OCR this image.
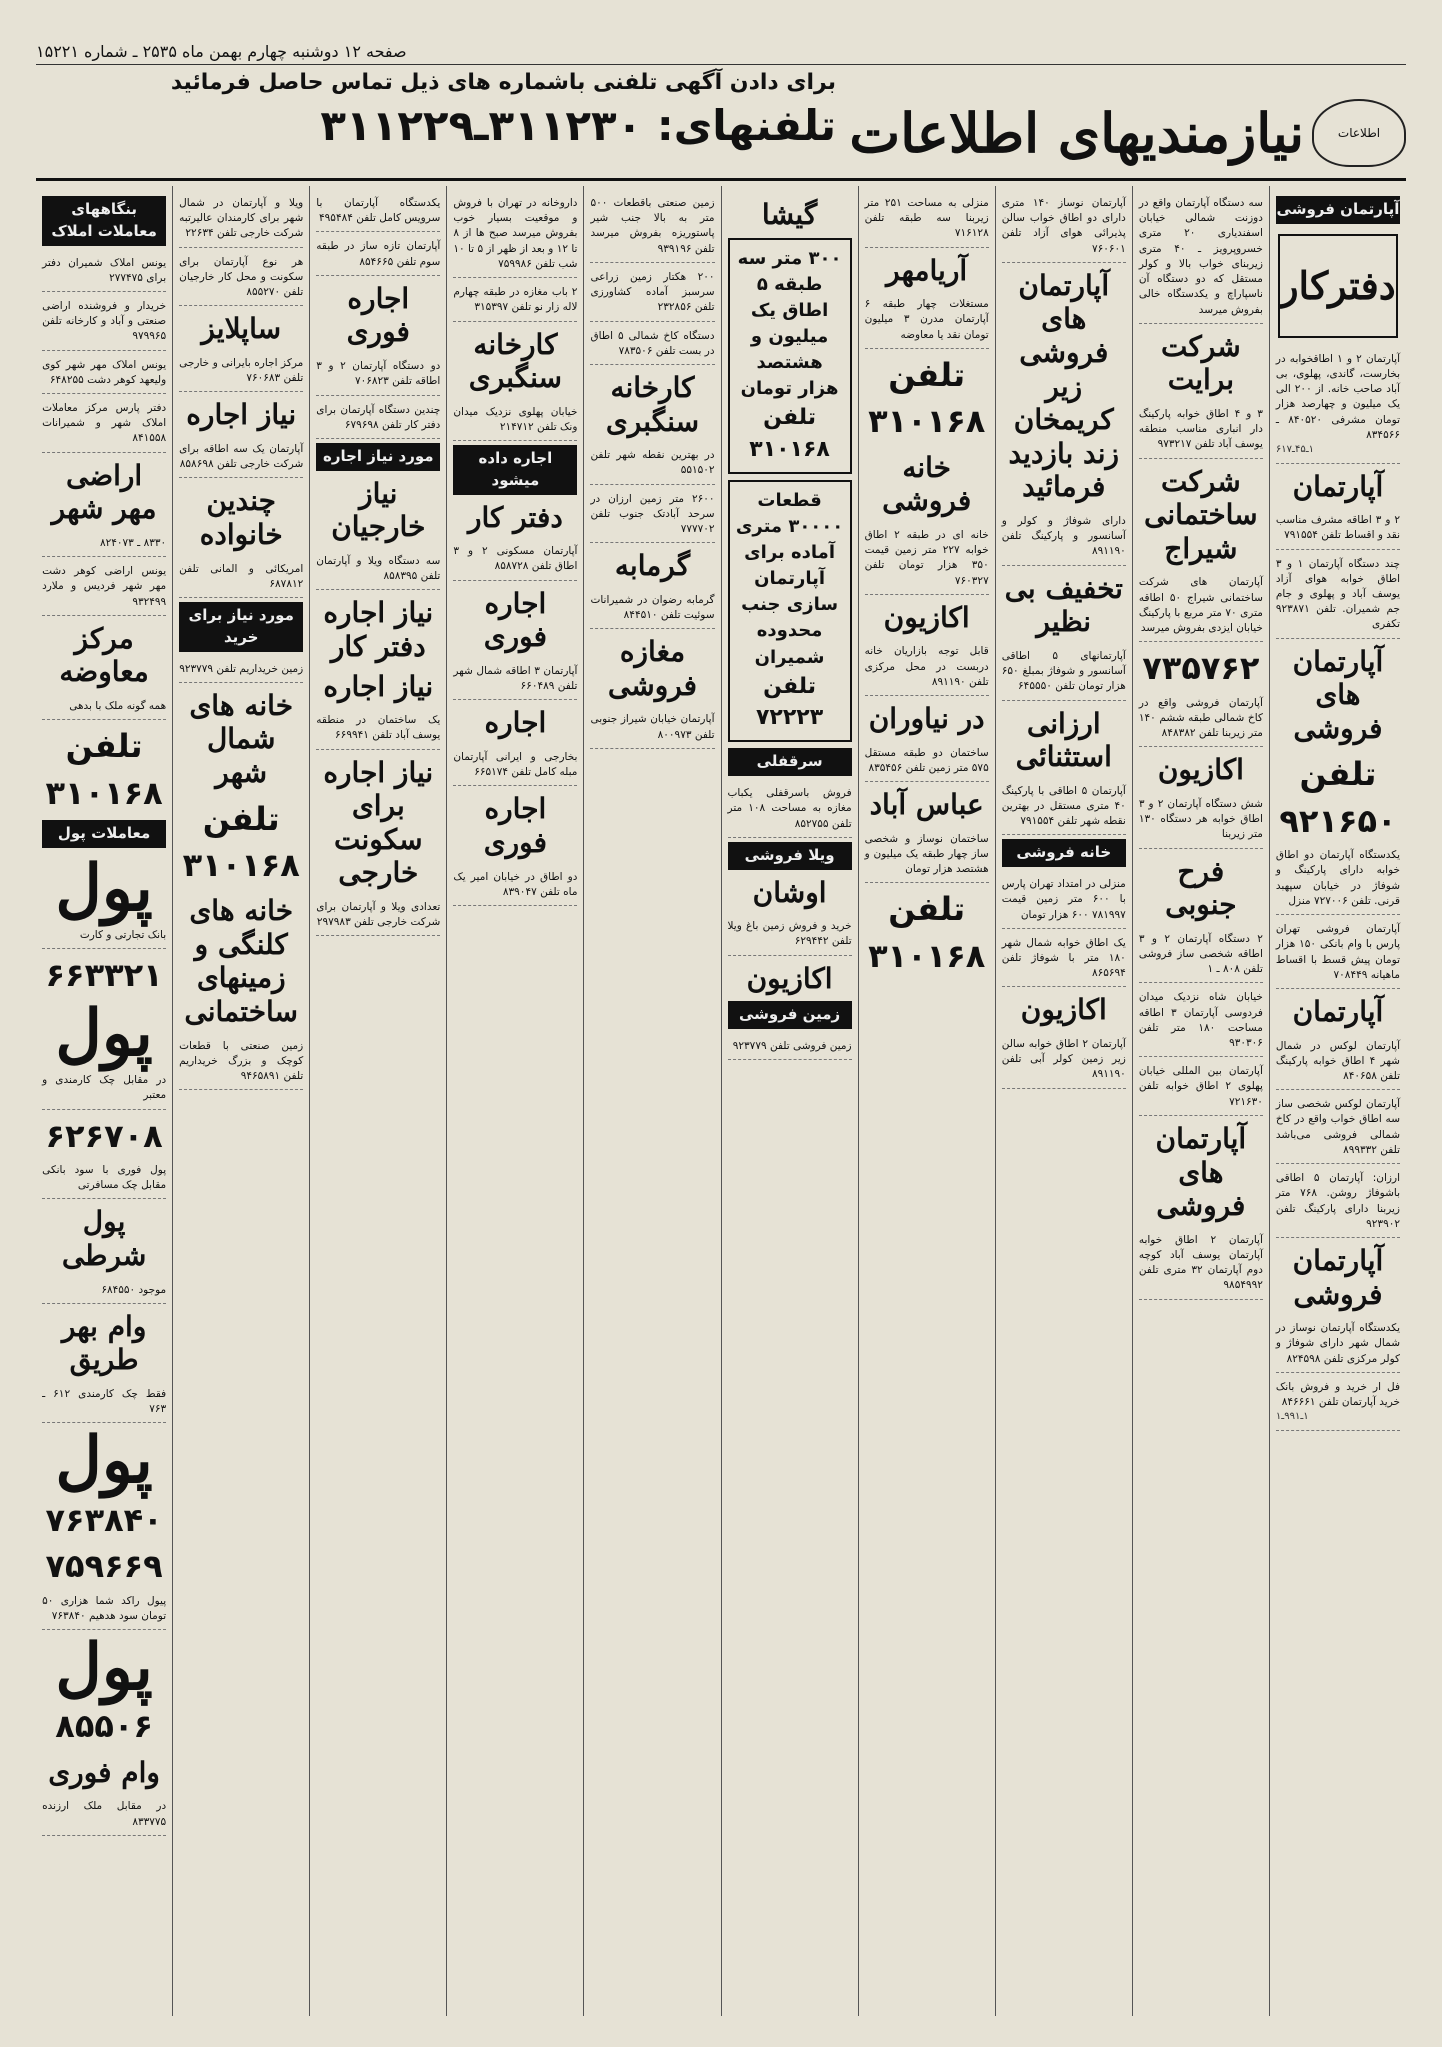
صفحه ۱۲ دوشنبه چهارم بهمن ماه ۲۵۳۵ ـ شماره ۱۵۲۲۱
اطلاعات
نیازمندیهای اطلاعات
برای دادن آگهی تلفنی باشماره های ذیل تماس حاصل فرمائید
تلفنهای: ۳۱۱۲۳۰ـ۳۱۱۲۲۹
آپارتمان فروشی
دفترکار
آپارتمان ۲ و ۱ اطاقخوابه در بخارست، گاندی، پهلوی، بی آباد صاحب خانه. از ۲۰۰ الی یک میلیون و چهارصد هزار تومان مشرفی ۸۴۰۵۲۰ ـ ۸۳۴۵۶۶
۱ـ۴۵ـ۶۱۷
آپارتمان
۲ و ۳ اطاقه مشرف مناسب نقد و اقساط تلفن ۷۹۱۵۵۴
چند دستگاه آپارتمان ۱ و ۳ اطاق خوابه هوای آزاد یوسف آباد و پهلوی و جام جم شمیران. تلفن ۹۲۳۸۷۱ تکفری
آپارتمان های فروشی
تلفن ۹۲۱۶۵۰
یکدستگاه آپارتمان دو اطاق خوابه دارای پارکینگ و شوفاژ در خیابان سپهبد قرنی. تلفن ۷۲۷۰۰۶ منزل
آپارتمان فروشی تهران پارس با وام بانکی ۱۵۰ هزار تومان پیش قسط با اقساط ماهیانه ۷۰۸۴۴۹
آپارتمان
آپارتمان لوکس در شمال شهر ۴ اطاق خوابه پارکینگ تلفن ۸۴۰۶۵۸
آپارتمان لوکس شخصی ساز سه اطاق خواب واقع در کاخ شمالی فروشی می‌باشد تلفن ۸۹۹۳۳۲
ارزان: آپارتمان ۵ اطاقی باشوفاژ روشن. ۷۶۸ متر زیربنا دارای پارکینگ تلفن ۹۲۳۹۰۲
آپارتمان فروشی
یکدستگاه آپارتمان نوساز در شمال شهر دارای شوفاژ و کولر مرکزی تلفن ۸۲۴۵۹۸
فل ار خرید و فروش بانک خرید آپارتمان تلفن ۸۴۶۶۶۱
۱ـ۹۹۱ـ۱
سه دستگاه آپارتمان واقع در دوزنت شمالی خیابان اسفندیاری ۲۰ متری خسروپرویز ـ ۴۰ متری زیربنای خواب بالا و کولر مستقل که دو دستگاه آن ناسپاراچ و یکدستگاه خالی بفروش میرسد
شرکت برایت
۳ و ۴ اطاق خوابه پارکینگ دار انباری مناسب منطقه یوسف آباد تلفن ۹۷۳۲۱۷
شرکت ساختمانی شیراج
آپارتمان های شرکت ساختمانی شیراج ۵۰ اطاقه متری ۷۰ متر مربع با پارکینگ خیابان ایزدی بفروش میرسد
۷۳۵۷۶۲
آپارتمان فروشی واقع در کاخ شمالی طبقه ششم ۱۴۰ متر زیربنا تلفن ۸۴۸۳۸۲
اکازیون
شش دستگاه آپارتمان ۲ و ۳ اطاق خوابه هر دستگاه ۱۳۰ متر زیربنا
فرح جنوبی
۲ دستگاه آپارتمان ۲ و ۳ اطاقه شخصی ساز فروشی تلفن ۸۰۸ ـ ۱
خیابان شاه نزدیک میدان فردوسی آپارتمان ۳ اطاقه مساحت ۱۸۰ متر تلفن ۹۳۰۳۰۶
آپارتمان بین المللی خیابان پهلوی ۲ اطاق خوابه تلفن ۷۲۱۶۳۰
آپارتمان های فروشی
آپارتمان ۲ اطاق خوابه آپارتمان یوسف آباد کوچه دوم آپارتمان ۳۲ متری تلفن ۹۸۵۴۹۹۲
آپارتمان نوساز ۱۴۰ متری دارای دو اطاق خواب سالن پذیرائی هوای آزاد تلفن ۷۶۰۶۰۱
آپارتمان های فروشی زیر کریمخان زند بازدید فرمائید
دارای شوفاژ و کولر و آسانسور و پارکینگ تلفن ۸۹۱۱۹۰
تخفیف بی نظیر
آپارتمانهای ۵ اطاقی آسانسور و شوفاژ بمبلغ ۶۵۰ هزار تومان تلفن ۶۴۵۵۵۰
ارزانی استثنائی
آپارتمان ۵ اطاقی با پارکینگ ۴۰ متری مستقل در بهترین نقطه شهر تلفن ۷۹۱۵۵۴
خانه فروشی
منزلی در امتداد تهران پارس با ۶۰۰ متر زمین قیمت ۷۸۱۹۹۷ ۶۰۰ هزار تومان
یک اطاق خوابه شمال شهر ۱۸۰ متر با شوفاژ تلفن ۸۶۵۶۹۴
اکازیون
آپارتمان ۲ اطاق خوابه سالن زیر زمین کولر آبی تلفن ۸۹۱۱۹۰
منزلی به مساحت ۲۵۱ متر زیربنا سه طبقه تلفن ۷۱۶۱۲۸
آریامهر
مستغلات چهار طبقه ۶ آپارتمان مدرن ۳ میلیون تومان نقد یا معاوضه
تلفن ۳۱۰۱۶۸
خانه فروشی
خانه ای در طبقه ۲ اطاق خوابه ۲۲۷ متر زمین قیمت ۳۵۰ هزار تومان تلفن ۷۶۰۳۲۷
اکازیون
قابل توجه بازاریان خانه دربست در محل مرکزی تلفن ۸۹۱۱۹۰
در نیاوران
ساختمان دو طبقه مستقل ۵۷۵ متر زمین تلفن ۸۳۵۴۵۶
عباس آباد
ساختمان نوساز و شخصی ساز چهار طبقه یک میلیون و هشتصد هزار تومان
تلفن ۳۱۰۱۶۸
گیشا
۳۰۰ متر سه طبقه ۵ اطاق یک میلیون و هشتصد هزار تومان
تلفن ۳۱۰۱۶۸
قطعات ۳۰۰۰۰ متری آماده برای آپارتمان سازی جنب محدوده شمیران
تلفن ۷۲۲۲۳
سرقفلی
فروش باسرقفلی یکباب مغازه به مساحت ۱۰۸ متر تلفن ۸۵۲۷۵۵
ویلا فروشی
اوشان
خرید و فروش زمین باغ ویلا تلفن ۶۲۹۴۴۲
اکازیون
زمین فروشی
زمین فروشی تلفن ۹۲۳۷۷۹
زمین صنعتی باقطعات ۵۰۰ متر به بالا جنب شیر پاستوریزه بفروش میرسد تلفن ۹۳۹۱۹۶
۲۰۰ هکتار زمین زراعی سرسبز آماده کشاورزی تلفن ۲۳۲۸۵۶
دستگاه کاخ شمالی ۵ اطاق در بست تلفن ۷۸۳۵۰۶
کارخانه سنگبری
در بهترین نقطه شهر تلفن ۵۵۱۵۰۲
۲۶۰۰ متر زمین ارزان در سرحد آبادتک جنوب تلفن ۷۷۷۷۰۲
گرمابه
گرمابه رضوان در شمیرانات سوئیت تلفن ۸۴۴۵۱۰
مغازه فروشی
آپارتمان خیابان شیراز جنوبی تلفن ۸۰۰۹۷۳
داروخانه در تهران با فروش و موقعیت بسیار خوب بفروش میرسد صبح ها از ۸ تا ۱۲ و بعد از ظهر از ۵ تا ۱۰ شب تلفن ۷۵۹۹۸۶
۲ باب مغازه در طبقه چهارم لاله زار نو تلفن ۳۱۵۳۹۷
کارخانه سنگبری
خیابان پهلوی نزدیک میدان ونک تلفن ۲۱۴۷۱۲
اجاره داده میشود
دفتر کار
آپارتمان مسکونی ۲ و ۳ اطاق تلفن ۸۵۸۷۲۸
اجاره فوری
آپارتمان ۳ اطاقه شمال شهر تلفن ۶۶۰۴۸۹
اجاره
بخارجی و ایرانی آپارتمان مبله کامل تلفن ۶۶۵۱۷۴
اجاره فوری
دو اطاق در خیابان امیر یک ماه تلفن ۸۳۹۰۴۷
یکدستگاه آپارتمان با سرویس کامل تلفن ۴۹۵۴۸۴
آپارتمان تازه ساز در طبقه سوم تلفن ۸۵۴۶۶۵
اجاره فوری
دو دستگاه آپارتمان ۲ و ۳ اطاقه تلفن ۷۰۶۸۲۳
چندین دستگاه آپارتمان برای دفتر کار تلفن ۶۷۹۶۹۸
مورد نیاز اجاره
نیاز خارجیان
سه دستگاه ویلا و آپارتمان تلفن ۸۵۸۳۹۵
نیاز اجاره دفتر کار
نیاز اجاره
یک ساختمان در منطقه یوسف آباد تلفن ۶۶۹۹۴۱
نیاز اجاره برای سکونت خارجی
تعدادی ویلا و آپارتمان برای شرکت خارجی تلفن ۲۹۷۹۸۳
ویلا و آپارتمان در شمال شهر برای کارمندان عالیرتبه شرکت خارجی تلفن ۲۲۶۳۴
هر نوع آپارتمان برای سکونت و محل کار خارجیان تلفن ۸۵۵۲۷۰
ساپلایز
مرکز اجاره بایرانی و خارجی تلفن ۷۶۰۶۸۳
نیاز اجاره
آپارتمان یک سه اطاقه برای شرکت خارجی تلفن ۸۵۸۶۹۸
چندین خانواده
امریکائی و المانی تلفن ۶۸۷۸۱۲
مورد نیاز برای خرید
زمین خریداریم تلفن ۹۲۳۷۷۹
خانه های شمال شهر
تلفن ۳۱۰۱۶۸
خانه های کلنگی و زمینهای ساختمانی
زمین صنعتی با قطعات کوچک و بزرگ خریداریم تلفن ۹۴۶۵۸۹۱
بنگاههای معاملات املاک
یونس املاک شمیران دفتر برای ۲۷۷۴۷۵
خریدار و فروشنده اراضی صنعتی و آباد و کارخانه تلفن ۹۷۹۹۶۵
یونس املاک مهر شهر کوی ولیعهد کوهر دشت ۶۴۸۲۵۵
دفتر پارس مرکز معاملات املاک شهر و شمیرانات ۸۴۱۵۵۸
اراضی مهر شهر
۸۳۳۰ ـ ۸۲۴۰۷۳
یونس اراضی کوهر دشت مهر شهر فردیس و ملارد ۹۳۲۴۹۹
مرکز معاوضه
همه گونه ملک با بدهی
تلفن ۳۱۰۱۶۸
معاملات پول
پول
بانک تجارتی و کارت
۶۶۳۳۲۱
پول
در مقابل چک کارمندی و معتبر
۶۲۶۷۰۸
پول فوری با سود بانکی مقابل چک مسافرتی
پول شرطی
موجود ۶۸۴۵۵۰
وام بهر طریق
فقط چک کارمندی ۶۱۲ ـ ۷۶۳
پول
۷۶۳۸۴۰
۷۵۹۶۶۹
پیول راکد شما هزاری ۵۰ تومان سود هدهیم ۷۶۳۸۴۰
پول
۸۵۵۰۶
وام فوری
در مقابل ملک ارزنده ۸۳۳۷۷۵
